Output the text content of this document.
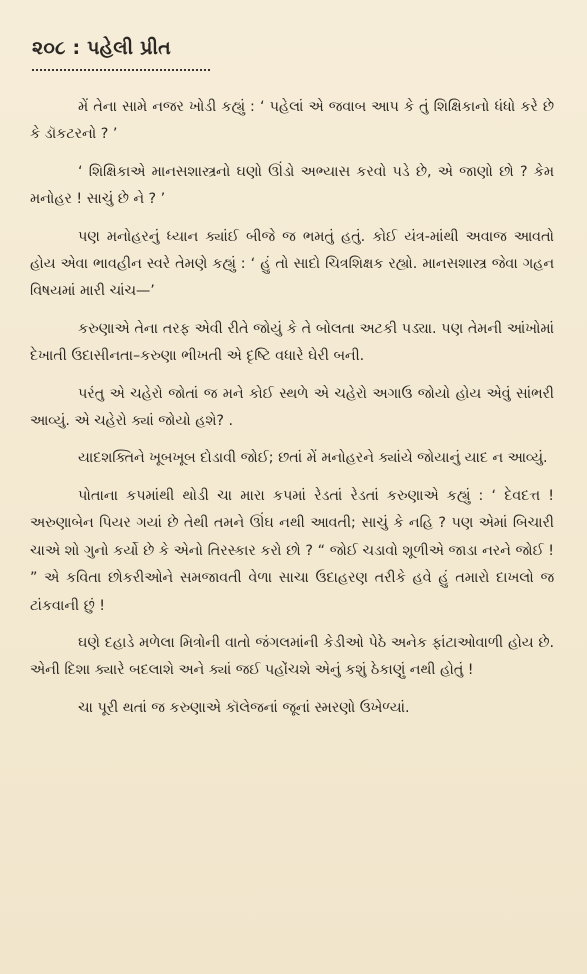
૨૦૮ : પહેલી પ્રીત

મેં તેના સામે નજર ખોડી કહ્યું : ‘ પહેલાં એ જવાબ આપ કે તું શિક્ષિકાનો ધંધો કરે છે કે ડૉકટરનો ? ’

‘ શિક્ષિકાએ માનસશાસ્ત્રનો ઘણો ઊંડો અભ્યાસ કરવો પડે છે, એ જાણો છો ? કેમ મનોહર ! સાચું છે ને ? ’

પણ મનોહરનું ધ્યાન ક્યાંઈ બીજે જ ભમતું હતું. કોઈ યંત્ર-માંથી અવાજ આવતો હોય એવા ભાવહીન સ્વરે તેમણે કહ્યું : ‘ હું તો સાદો ચિત્રશિક્ષક રહ્યો. માનસશાસ્ત્ર જેવા ગહન વિષયમાં મારી ચાંચ—’

કરુણાએ તેના તરફ એવી રીતે જોયું કે તે બોલતા અટકી પડ્યા. પણ તેમની આંખોમાં દેખાતી ઉદાસીનતા–કરુણા ભીખતી એ દૃષ્ટિ વધારે ઘેરી બની.

પરંતુ એ ચહેરો જોતાં જ મને કોઈ સ્થળે એ ચહેરો અગાઉ જોયો હોય એવું સાંભરી આવ્યું. એ ચહેરો ક્યાં જોયો હશે? .

યાદશક્તિને ખૂબખૂબ દોડાવી જોઈ; છતાં મેં મનોહરને ક્યાંયે જોયાનું યાદ ન આવ્યું.

પોતાના કપમાંથી થોડી ચા મારા કપમાં રેડતાં રેડતાં કરુણાએ કહ્યું : ‘ દેવદત્ત ! અરુણાબેન પિયર ગયાં છે તેથી તમને ઊંઘ નથી આવતી; સાચું કે નહિ ? પણ એમાં બિચારી ચાએ શો ગુનો કર્યો છે કે એનો તિરસ્કાર કરો છો ? “ જોઈ ચડાવો શૂળીએ જાડા નરને જોઈ ! ” એ કવિતા છોકરીઓને સમજાવતી વેળા સાચા ઉદાહરણ તરીકે હવે હું તમારો દાખલો જ ટાંકવાની છું !

ઘણે દહાડે મળેલા મિત્રોની વાતો જંગલમાંની કેડીઓ પેઠે અનેક ફાંટાઓવાળી હોય છે. એની દિશા ક્યારે બદલાશે અને ક્યાં જઈ પહોંચશે એનું કશું ઠેકાણું નથી હોતું !

ચા પૂરી થતાં જ કરુણાએ કૉલેજનાં જૂનાં સ્મરણો ઉખેળ્યાં.
